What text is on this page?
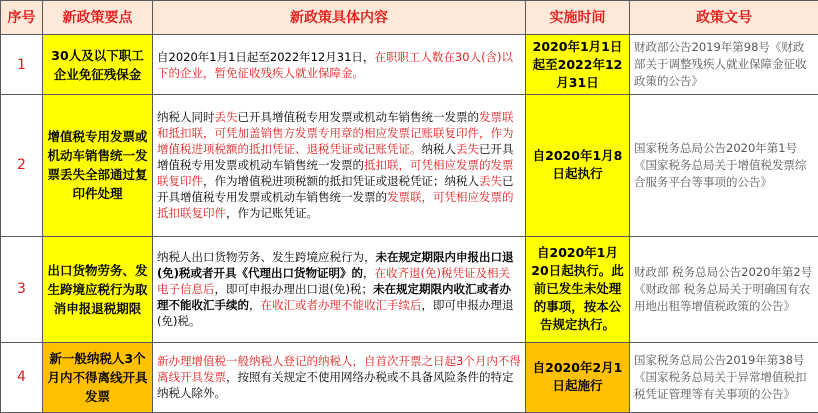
序号	新政策要点	新政策具体内容	实施时间	政策文号
1	30人及以下职工企业免征残保金	自2020年1月1日起至2022年12月31日，在职职工人数在30人(含)以下的企业，暂免征收残疾人就业保障金。	2020年1月1日起至2022年12月31日	财政部公告2019年第98号《财政部关于调整残疾人就业保障金征收政策的公告》
2	增值税专用发票或机动车销售统一发票丢失全部通过复印件处理	纳税人同时丢失已开具增值税专用发票或机动车销售统一发票的发票联和抵扣联，可凭加盖销售方发票专用章的相应发票记账联复印件，作为增值税进项税额的抵扣凭证、退税凭证或记账凭证。纳税人丢失已开具增值税专用发票或机动车销售统一发票的抵扣联，可凭相应发票的发票联复印件，作为增值税进项税额的抵扣凭证或退税凭证；纳税人丢失已开具增值税专用发票或机动车销售统一发票的发票联，可凭相应发票的抵扣联复印件，作为记账凭证。	自2020年1月8日起执行	国家税务总局公告2020年第1号《国家税务总局关于增值税发票综合服务平台等事项的公告》
3	出口货物劳务、发生跨境应税行为取消申报退税期限	纳税人出口货物劳务、发生跨境应税行为，未在规定期限内申报出口退(免)税或者开具《代理出口货物证明》的，在收齐退(免)税凭证及相关电子信息后，即可申报办理出口退(免)税；未在规定期限内收汇或者办理不能收汇手续的，在收汇或者办理不能收汇手续后，即可申报办理退(免)税。	自2020年1月20日起执行。此前已发生未处理的事项，按本公告规定执行。	财政部 税务总局公告2020年第2号《财政部 税务总局关于明确国有农用地出租等增值税政策的公告》
4	新一般纳税人3个月内不得离线开具发票	新办理增值税一般纳税人登记的纳税人，自首次开票之日起3个月内不得离线开具发票，按照有关规定不使用网络办税或不具备风险条件的特定纳税人除外。	自2020年2月1日起施行	国家税务总局公告2019年第38号《国家税务总局关于异常增值税扣税凭证管理等有关事项的公告》
